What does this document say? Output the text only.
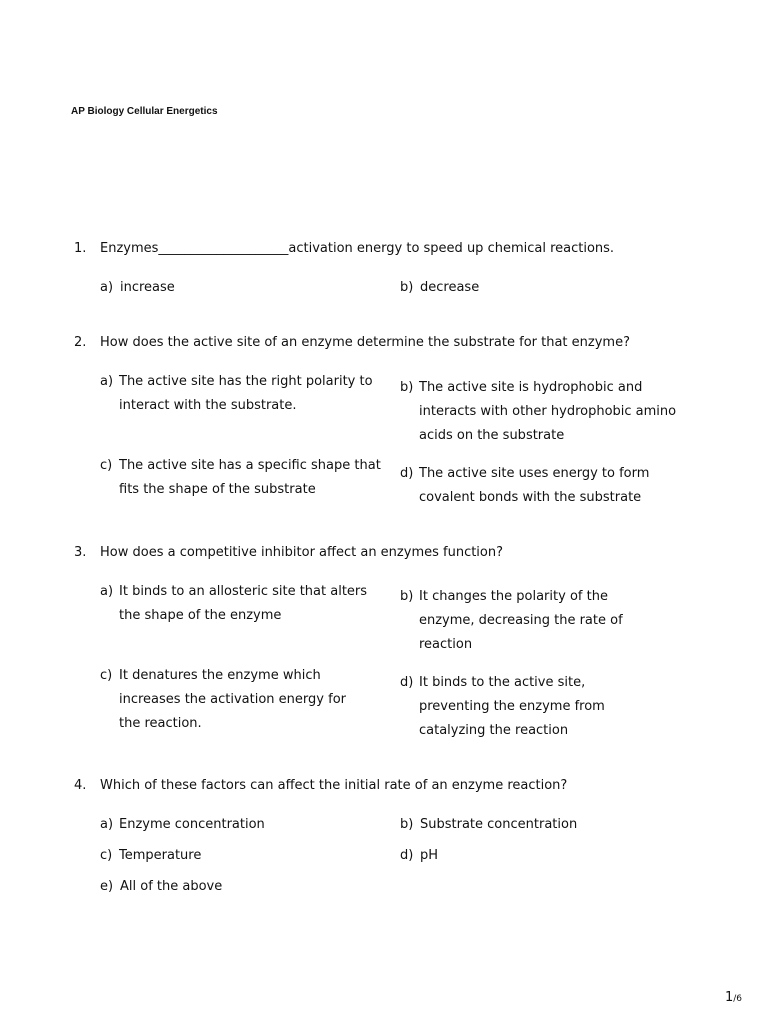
AP Biology Cellular Energetics
1. Enzymes____________________activation energy to speed up chemical reactions.
a) increase	b) decrease
2. How does the active site of an enzyme determine the substrate for that enzyme?
a) The active site has the right polarity to interact with the substrate.
b) The active site is hydrophobic and interacts with other hydrophobic amino acids on the substrate
c) The active site has a specific shape that fits the shape of the substrate
d) The active site uses energy to form covalent bonds with the substrate
3. How does a competitive inhibitor affect an enzymes function?
a) It binds to an allosteric site that alters the shape of the enzyme
b) It changes the polarity of the enzyme, decreasing the rate of reaction
c) It denatures the enzyme which increases the activation energy for the reaction.
d) It binds to the active site, preventing the enzyme from catalyzing the reaction
4. Which of these factors can affect the initial rate of an enzyme reaction?
a) Enzyme concentration	b) Substrate concentration
c) Temperature	d) pH
e) All of the above
1/6
